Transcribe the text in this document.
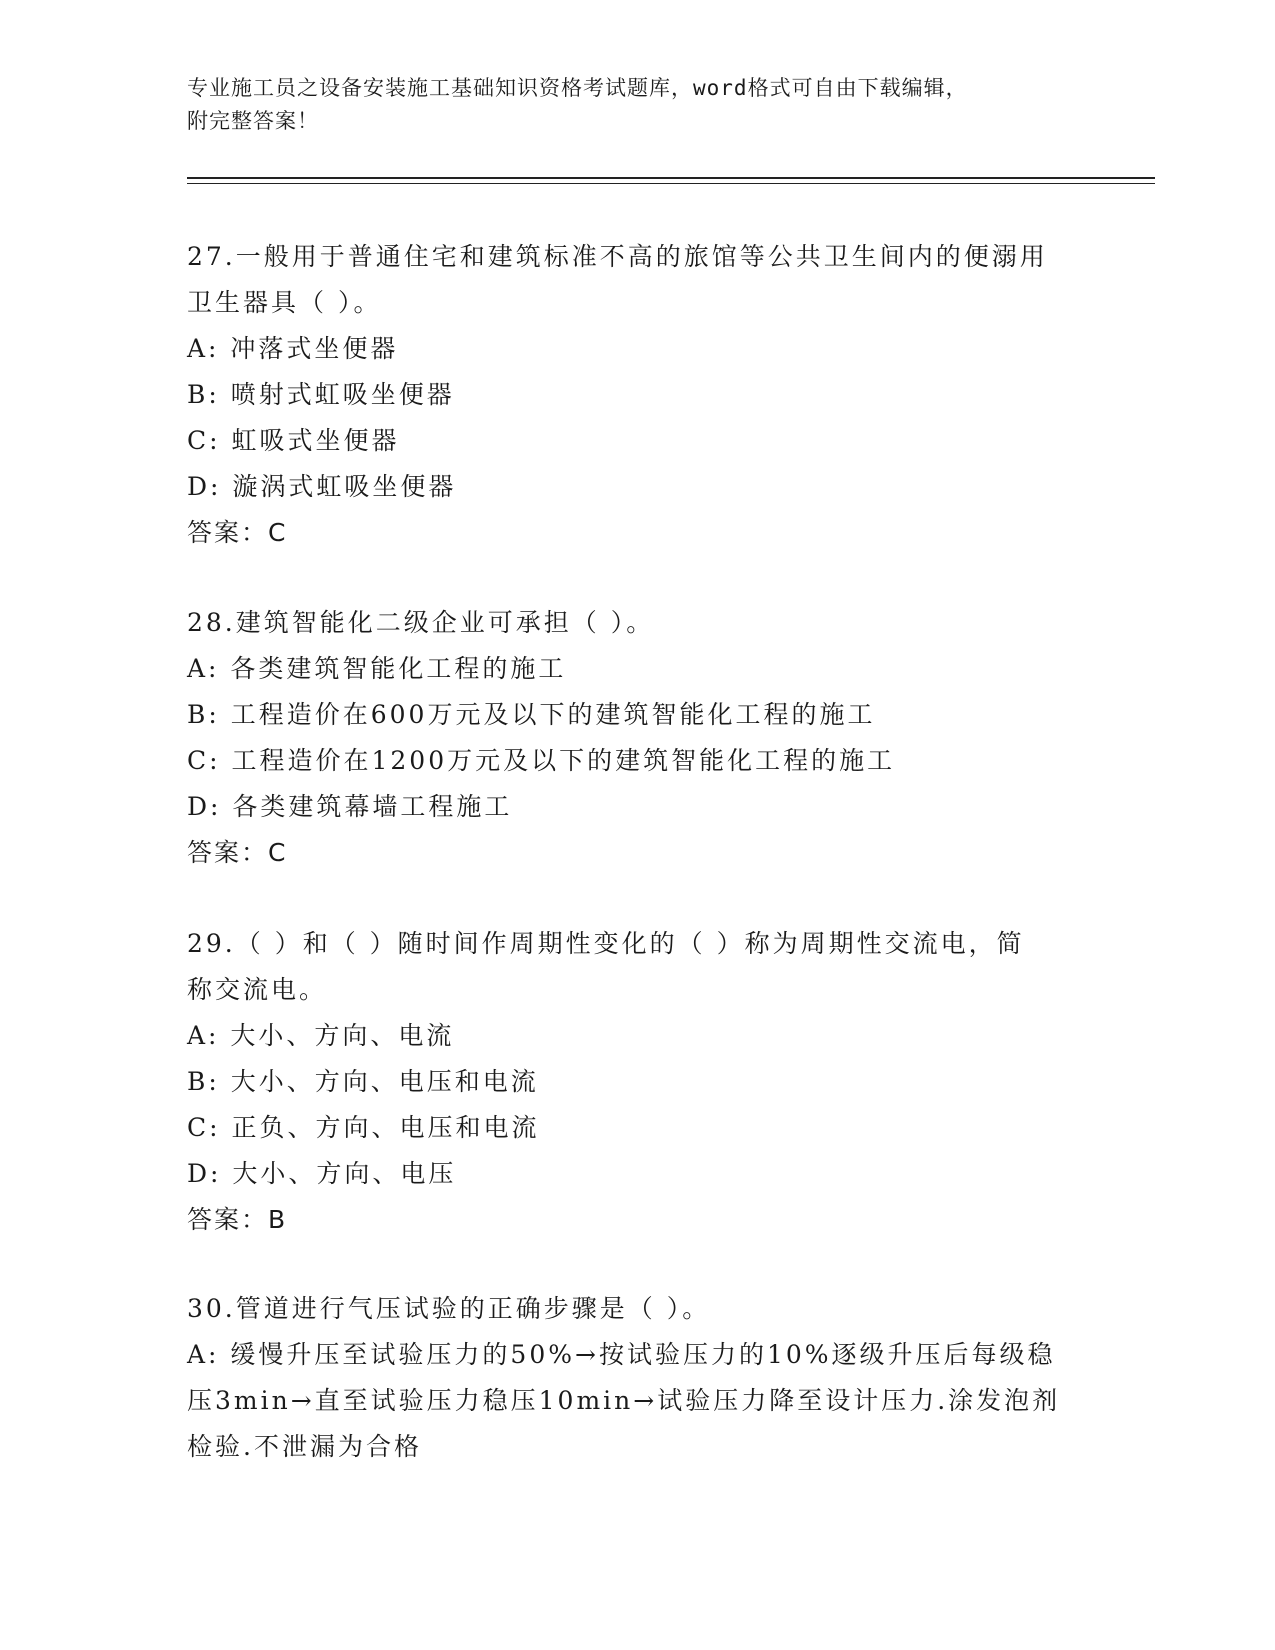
专业施工员之设备安装施工基础知识资格考试题库，word格式可自由下载编辑，
附完整答案！

27.一般用于普通住宅和建筑标准不高的旅馆等公共卫生间内的便溺用

卫生器具（ ）。

A: 冲落式坐便器

B: 喷射式虹吸坐便器

C: 虹吸式坐便器

D: 漩涡式虹吸坐便器

答案：C

28.建筑智能化二级企业可承担（ ）。

A: 各类建筑智能化工程的施工

B: 工程造价在600万元及以下的建筑智能化工程的施工

C: 工程造价在1200万元及以下的建筑智能化工程的施工

D: 各类建筑幕墙工程施工

答案：C

29.（ ）和（ ）随时间作周期性变化的（ ）称为周期性交流电，简

称交流电。

A: 大小、方向、电流

B: 大小、方向、电压和电流

C: 正负、方向、电压和电流

D: 大小、方向、电压

答案：B

30.管道进行气压试验的正确步骤是（ ）。

A: 缓慢升压至试验压力的50%→按试验压力的10%逐级升压后每级稳

压3min→直至试验压力稳压10min→试验压力降至设计压力.涂发泡剂

检验.不泄漏为合格
